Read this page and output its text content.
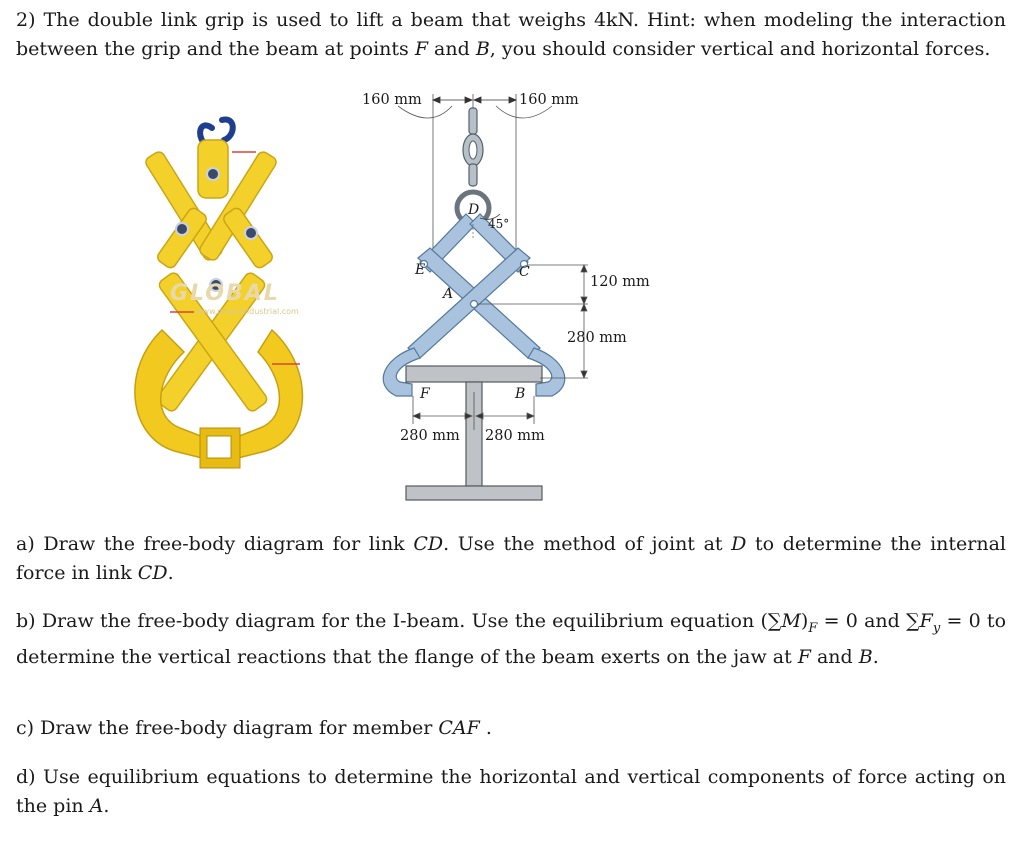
2) The double link grip is used to lift a beam that weighs 4kN. Hint: when modeling the interaction between the grip and the beam at points F and B, you should consider vertical and horizontal forces.

GLOBAL
www.globalindustrial.com
160 mm	160 mm
120 mm
280 mm
280 mm 280 mm
D
45°
E	C
A
F	B

a) Draw the free-body diagram for link CD. Use the method of joint at D to determine the internal force in link CD.

b) Draw the free-body diagram for the I-beam. Use the equilibrium equation $(\sum M)_F = 0$ and $\sum F_y = 0$ to determine the vertical reactions that the flange of the beam exerts on the jaw at F and B.

c) Draw the free-body diagram for member CAF .

d) Use equilibrium equations to determine the horizontal and vertical components of force acting on the pin A.
